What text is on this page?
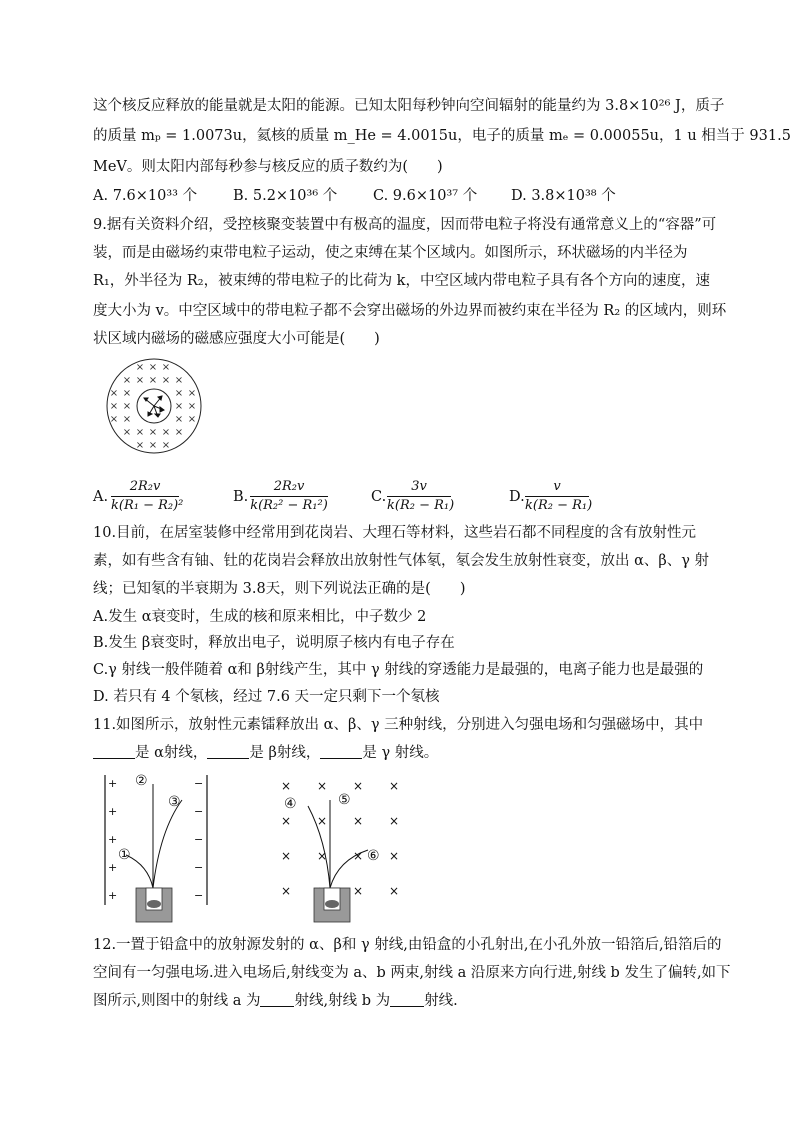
这个核反应释放的能量就是太阳的能源。已知太阳每秒钟向空间辐射的能量约为 3.8×10²⁶ J，质子
的质量 mₚ = 1.0073u，氦核的质量 m_He = 4.0015u，电子的质量 mₑ = 0.00055u，1 u 相当于 931.5
MeV。则太阳内部每秒参与核反应的质子数约为(　　)
A. 7.6×10³³ 个 B. 5.2×10³⁶ 个 C. 9.6×10³⁷ 个 D. 3.8×10³⁸ 个
9.据有关资料介绍，受控核聚变装置中有极高的温度，因而带电粒子将没有通常意义上的“容器”可
装，而是由磁场约束带电粒子运动，使之束缚在某个区域内。如图所示，环状磁场的内半径为
R₁，外半径为 R₂，被束缚的带电粒子的比荷为 k，中空区域内带电粒子具有各个方向的速度，速
度大小为 v。中空区域中的带电粒子都不会穿出磁场的外边界而被约束在半径为 R₂ 的区域内，则环
状区域内磁场的磁感应强度大小可能是(　　)
× × ×
× × × × ×
× ×	× ×
× ×	× ×
× ×	× ×
× × × × ×
× × ×
A. $\frac{\text{2R₂v}}{\text{k(R₁ − R₂)²}}$	B. $\frac{\text{2R₂v}}{\text{k(R₂² − R₁²)}}$	C. $\frac{3v}{\text{k(R₂ − R₁)}}$	D. $\frac{v}{\text{k(R₂ − R₁)}}$
10.目前，在居室装修中经常用到花岗岩、大理石等材料，这些岩石都不同程度的含有放射性元
素，如有些含有铀、钍的花岗岩会释放出放射性气体氡，氡会发生放射性衰变，放出 α、β、γ 射
线；已知氡的半衰期为 3.8天，则下列说法正确的是(　　)
A.发生 α衰变时，生成的核和原来相比，中子数少 2
B.发生 β衰变时，释放出电子，说明原子核内有电子存在
C.γ 射线一般伴随着 α和 β射线产生，其中 γ 射线的穿透能力是最强的，电离子能力也是最强的
D. 若只有 4 个氡核，经过 7.6 天一定只剩下一个氡核
11.如图所示，放射性元素镭释放出 α、β、γ 三种射线，分别进入匀强电场和匀强磁场中，其中
是 α射线，	是 β射线，	是 γ 射线。
+
+
+
+
+
−
−
−
−
−
①
②
③
×
×
×
×
×
×
×
×
×
×
×
×
×
×
×
④	⑤
⑥
12.一置于铅盒中的放射源发射的 α、β和 γ 射线,由铅盒的小孔射出,在小孔外放一铅箔后,铅箔后的
空间有一匀强电场.进入电场后,射线变为 a、b 两束,射线 a 沿原来方向行进,射线 b 发生了偏转,如下
图所示,则图中的射线 a 为 射线,射线 b 为 射线.
